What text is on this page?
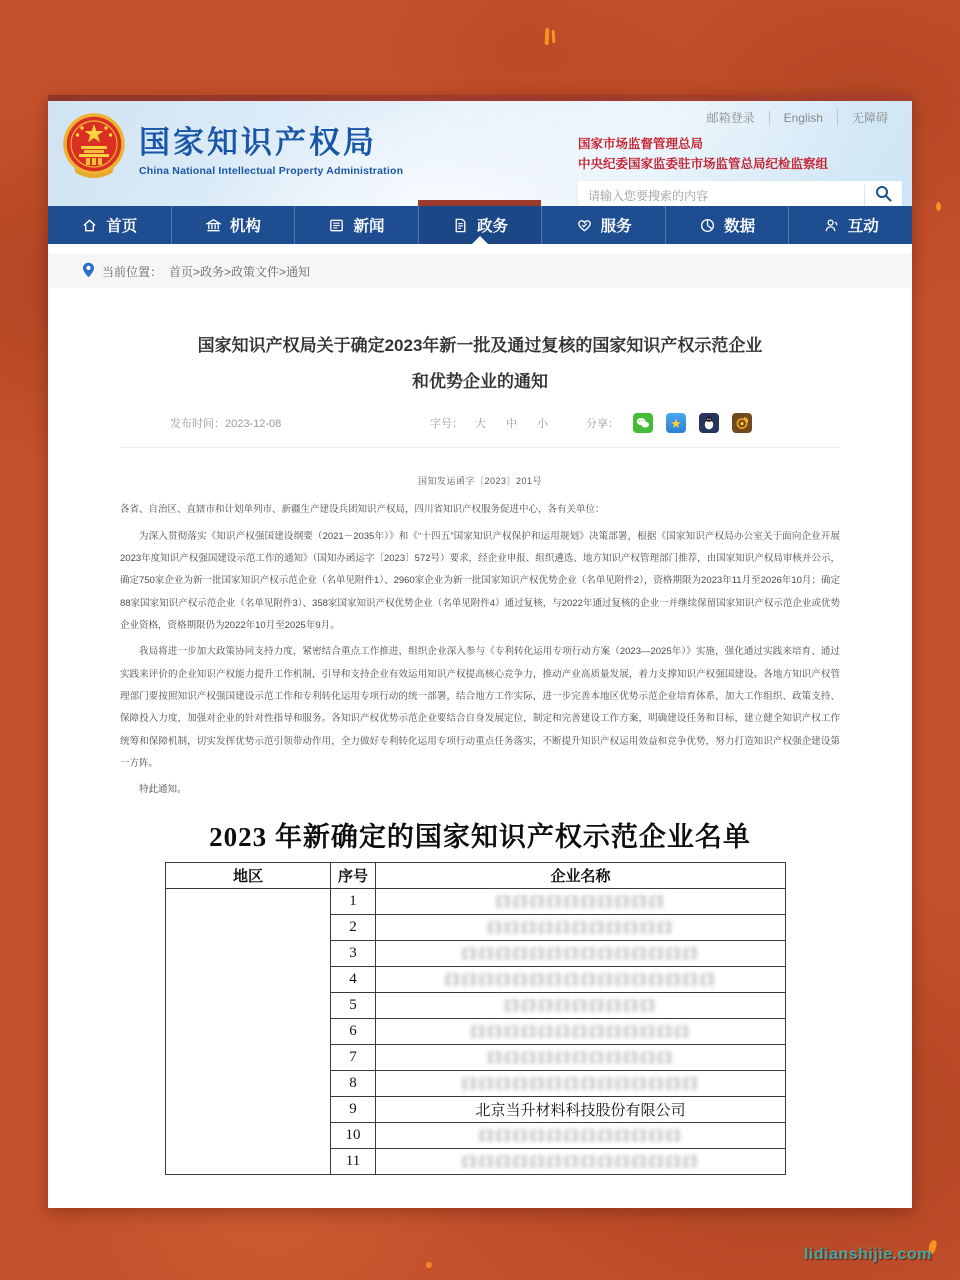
国家知识产权局
China National Intellectual Property Administration
邮箱登录	English	无障碍
国家市场监督管理总局
中央纪委国家监委驻市场监管总局纪检监察组
请输入您要搜索的内容
首页	机构	新闻	政务	服务	数据	互动
当前位置： 首页>政务>政策文件>通知
国家知识产权局关于确定2023年新一批及通过复核的国家知识产权示范企业
和优势企业的通知
发布时间：2023-12-08	字号： 大 中 小	分享：	★
国知发运函字〔2023〕201号

各省、自治区、直辖市和计划单列市、新疆生产建设兵团知识产权局，四川省知识产权服务促进中心，各有关单位：

为深入贯彻落实《知识产权强国建设纲要（2021－2035年）》和《“十四五”国家知识产权保护和运用规划》决策部署，根据《国家知识产权局办公室关于面向企业开展2023年度知识产权强国建设示范工作的通知》（国知办函运字〔2023〕572号）要求，经企业申报、组织遴选、地方知识产权管理部门推荐，由国家知识产权局审核并公示，确定750家企业为新一批国家知识产权示范企业（名单见附件1）、2960家企业为新一批国家知识产权优势企业（名单见附件2），资格期限为2023年11月至2026年10月；确定88家国家知识产权示范企业（名单见附件3）、358家国家知识产权优势企业（名单见附件4）通过复核，与2022年通过复核的企业一并继续保留国家知识产权示范企业或优势企业资格，资格期限仍为2022年10月至2025年9月。

我局将进一步加大政策协同支持力度，紧密结合重点工作推进，组织企业深入参与《专利转化运用专项行动方案（2023—2025年）》实施，强化通过实践来培育、通过实践来评价的企业知识产权能力提升工作机制，引导和支持企业有效运用知识产权提高核心竞争力，推动产业高质量发展，着力支撑知识产权强国建设。各地方知识产权管理部门要按照知识产权强国建设示范工作和专利转化运用专项行动的统一部署，结合地方工作实际，进一步完善本地区优势示范企业培育体系，加大工作组织、政策支持、保障投入力度，加强对企业的针对性指导和服务。各知识产权优势示范企业要结合自身发展定位，制定和完善建设工作方案，明确建设任务和目标，建立健全知识产权工作统筹和保障机制，切实发挥优势示范引领带动作用，全力做好专利转化运用专项行动重点任务落实，不断提升知识产权运用效益和竞争优势，努力打造知识产权强企建设第一方阵。

特此通知。

2023 年新确定的国家知识产权示范企业名单
地区	序号	企业名称
	1	口口口口口口口口口口
	2	口口口口口口口口口口口
	3	口口口口口口口口口口口口口口
	4	口口口口口口口口口口口口口口口口
	5	口口口口口口口口口
	6	口口口口口口口口口口口口口
	7	口口口口口口口口口口口
	8	口口口口口口口口口口口口口口
	9	北京当升材料科技股份有限公司
	10	口口口口口口口口口口口口
	11	口口口口口口口口口口口口口口
lidianshijie.com
